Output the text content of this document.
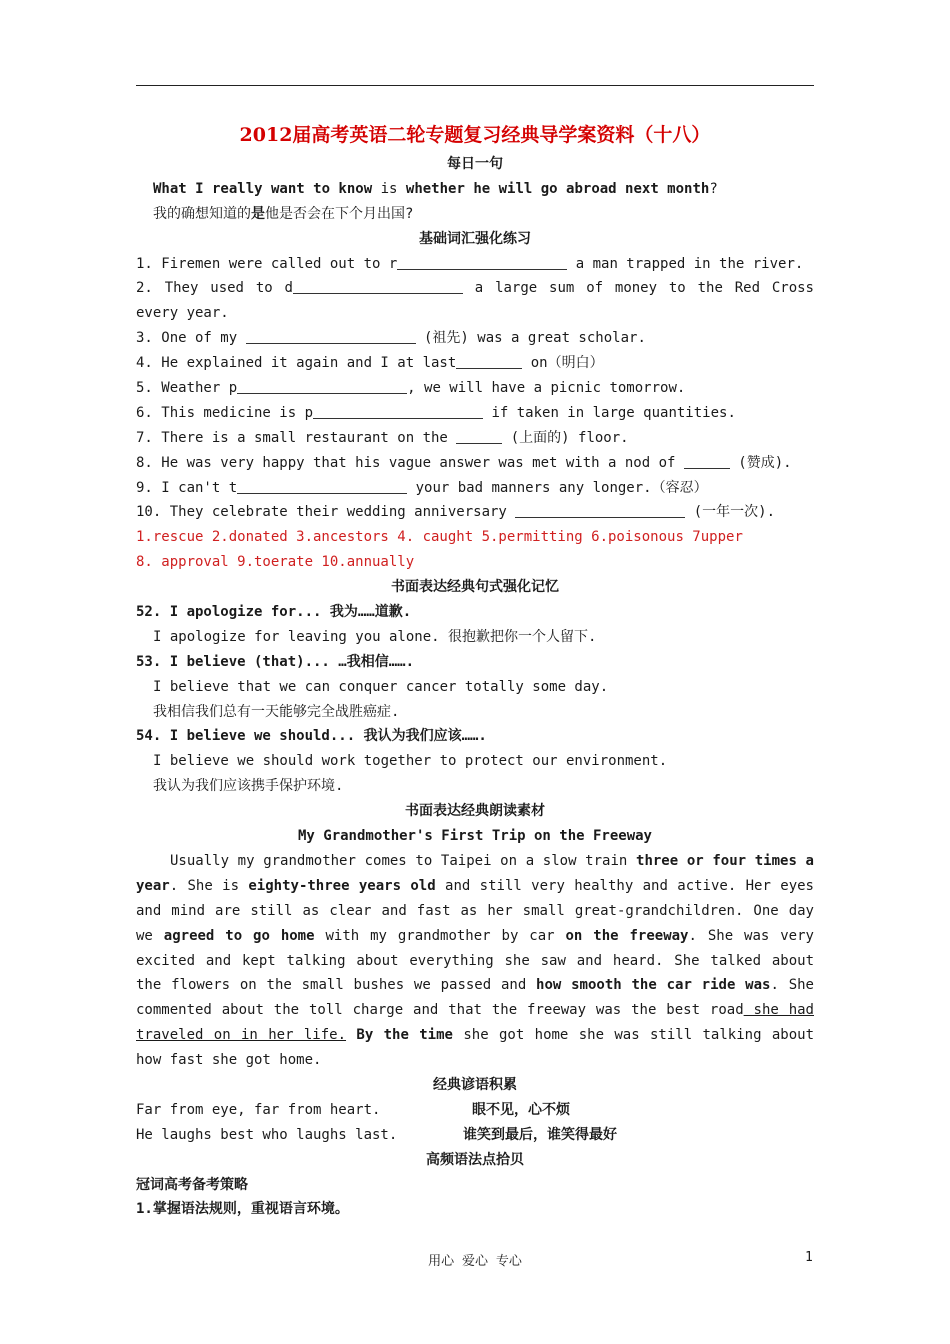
2012届高考英语二轮专题复习经典导学案资料（十八）
每日一句
What I really want to know is whether he will go abroad next month?
我的确想知道的是他是否会在下个月出国?
基础词汇强化练习
1. Firemen were called out to r	a man trapped in the river.
2. They used to d	a large sum of money to the Red Cross
every year.
3. One of my	(祖先) was a great scholar.
4. He explained it again and I at last	on（明白）
5. Weather p	, we will have a picnic tomorrow.
6. This medicine is p	if taken in large quantities.
7. There is a small restaurant on the	(上面的) floor.
8. He was very happy that his vague answer was met with a nod of	(赞成).
9. I can't t	your bad manners any longer.（容忍）
10. They celebrate their wedding anniversary	(一年一次).
1.rescue 2.donated 3.ancestors 4. caught 5.permitting 6.poisonous 7upper
8. approval 9.toerate 10.annually
书面表达经典句式强化记忆
52. I apologize for... 我为……道歉.
I apologize for leaving you alone. 很抱歉把你一个人留下.
53. I believe (that)... …我相信…….
I believe that we can conquer cancer totally some day.
我相信我们总有一天能够完全战胜癌症.
54. I believe we should... 我认为我们应该…….
I believe we should work together to protect our environment.
我认为我们应该携手保护环境.
书面表达经典朗读素材
My Grandmother's First Trip on the Freeway
Usually my grandmother comes to Taipei on a slow train three or four times a
year. She is eighty-three years old and still very healthy and active. Her eyes
and mind are still as clear and fast as her small great-grandchildren. One day
we agreed to go home with my grandmother by car on the freeway. She was very
excited and kept talking about everything she saw and heard. She talked about
the flowers on the small bushes we passed and how smooth the car ride was. She
commented about the toll charge and that the freeway was the best road she had
traveled on in her life. By the time she got home she was still talking about
how fast she got home.
经典谚语积累
Far from eye, far from heart.	眼不见，心不烦
He laughs best who laughs last.	谁笑到最后，谁笑得最好
高频语法点拾贝
冠词高考备考策略
1.掌握语法规则，重视语言环境。
用心 爱心 专心	1
